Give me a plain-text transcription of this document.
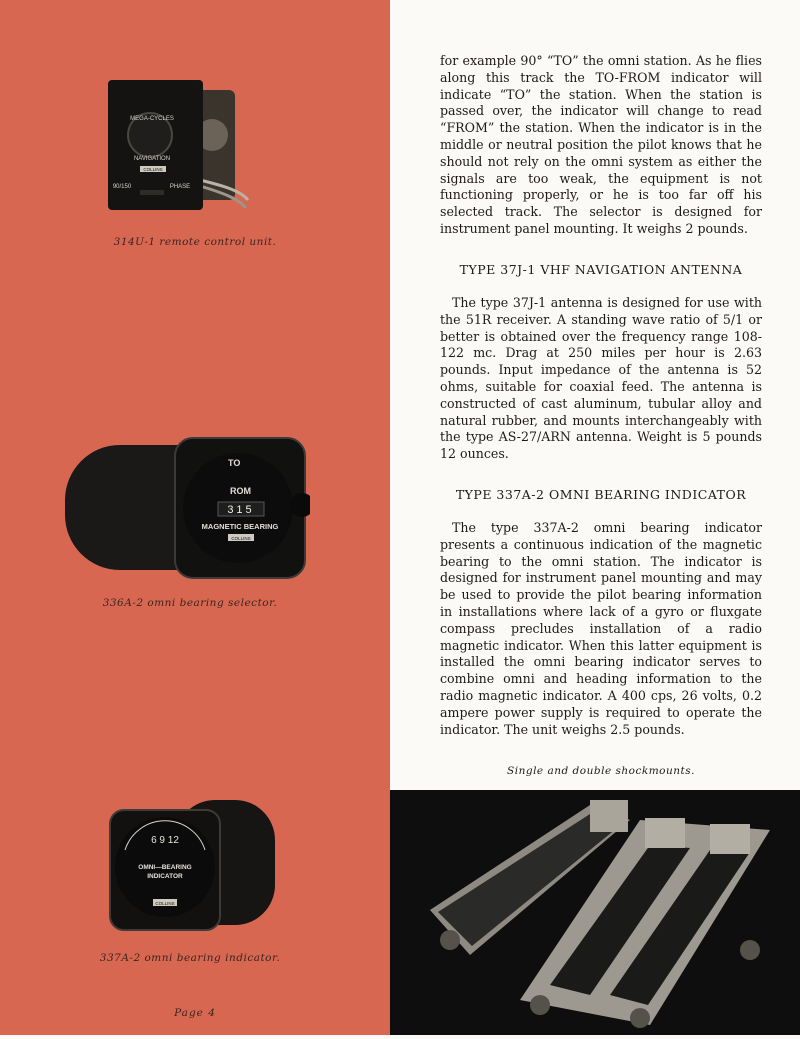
MEGA-CYCLES
NAVIGATION
COLLINS
90/150	PHASE
314U-1 remote control unit.
TO
ROM
315
MAGNETIC BEARING
COLLINS
336A-2 omni bearing selector.
6 9 12
OMNI—BEARING
INDICATOR
COLLINS
337A-2 omni bearing indicator.
Page 4

for example 90° “TO” the omni station. As he flies along this track the TO-FROM indicator will indicate “TO” the station. When the station is passed over, the indicator will change to read “FROM” the station. When the indicator is in the middle or neutral position the pilot knows that he should not rely on the omni system as either the signals are too weak, the equipment is not functioning properly, or he is too far off his selected track. The selector is designed for instrument panel mounting. It weighs 2 pounds.

TYPE 37J-1 VHF NAVIGATION ANTENNA

The type 37J-1 antenna is designed for use with the 51R receiver. A standing wave ratio of 5/1 or better is obtained over the frequency range 108-122 mc. Drag at 250 miles per hour is 2.63 pounds. Input impedance of the antenna is 52 ohms, suitable for coaxial feed. The antenna is constructed of cast aluminum, tubular alloy and natural rubber, and mounts interchangeably with the type AS-27/ARN antenna. Weight is 5 pounds 12 ounces.

TYPE 337A-2 OMNI BEARING INDICATOR

The type 337A-2 omni bearing indicator presents a continuous indication of the magnetic bearing to the omni station. The indicator is designed for instrument panel mounting and may be used to provide the pilot bearing information in installations where lack of a gyro or fluxgate compass precludes installation of a radio magnetic indicator. When this latter equipment is installed the omni bearing indicator serves to combine omni and heading information to the radio magnetic indicator. A 400 cps, 26 volts, 0.2 ampere power supply is required to operate the indicator. The unit weighs 2.5 pounds.

Single and double shockmounts.
